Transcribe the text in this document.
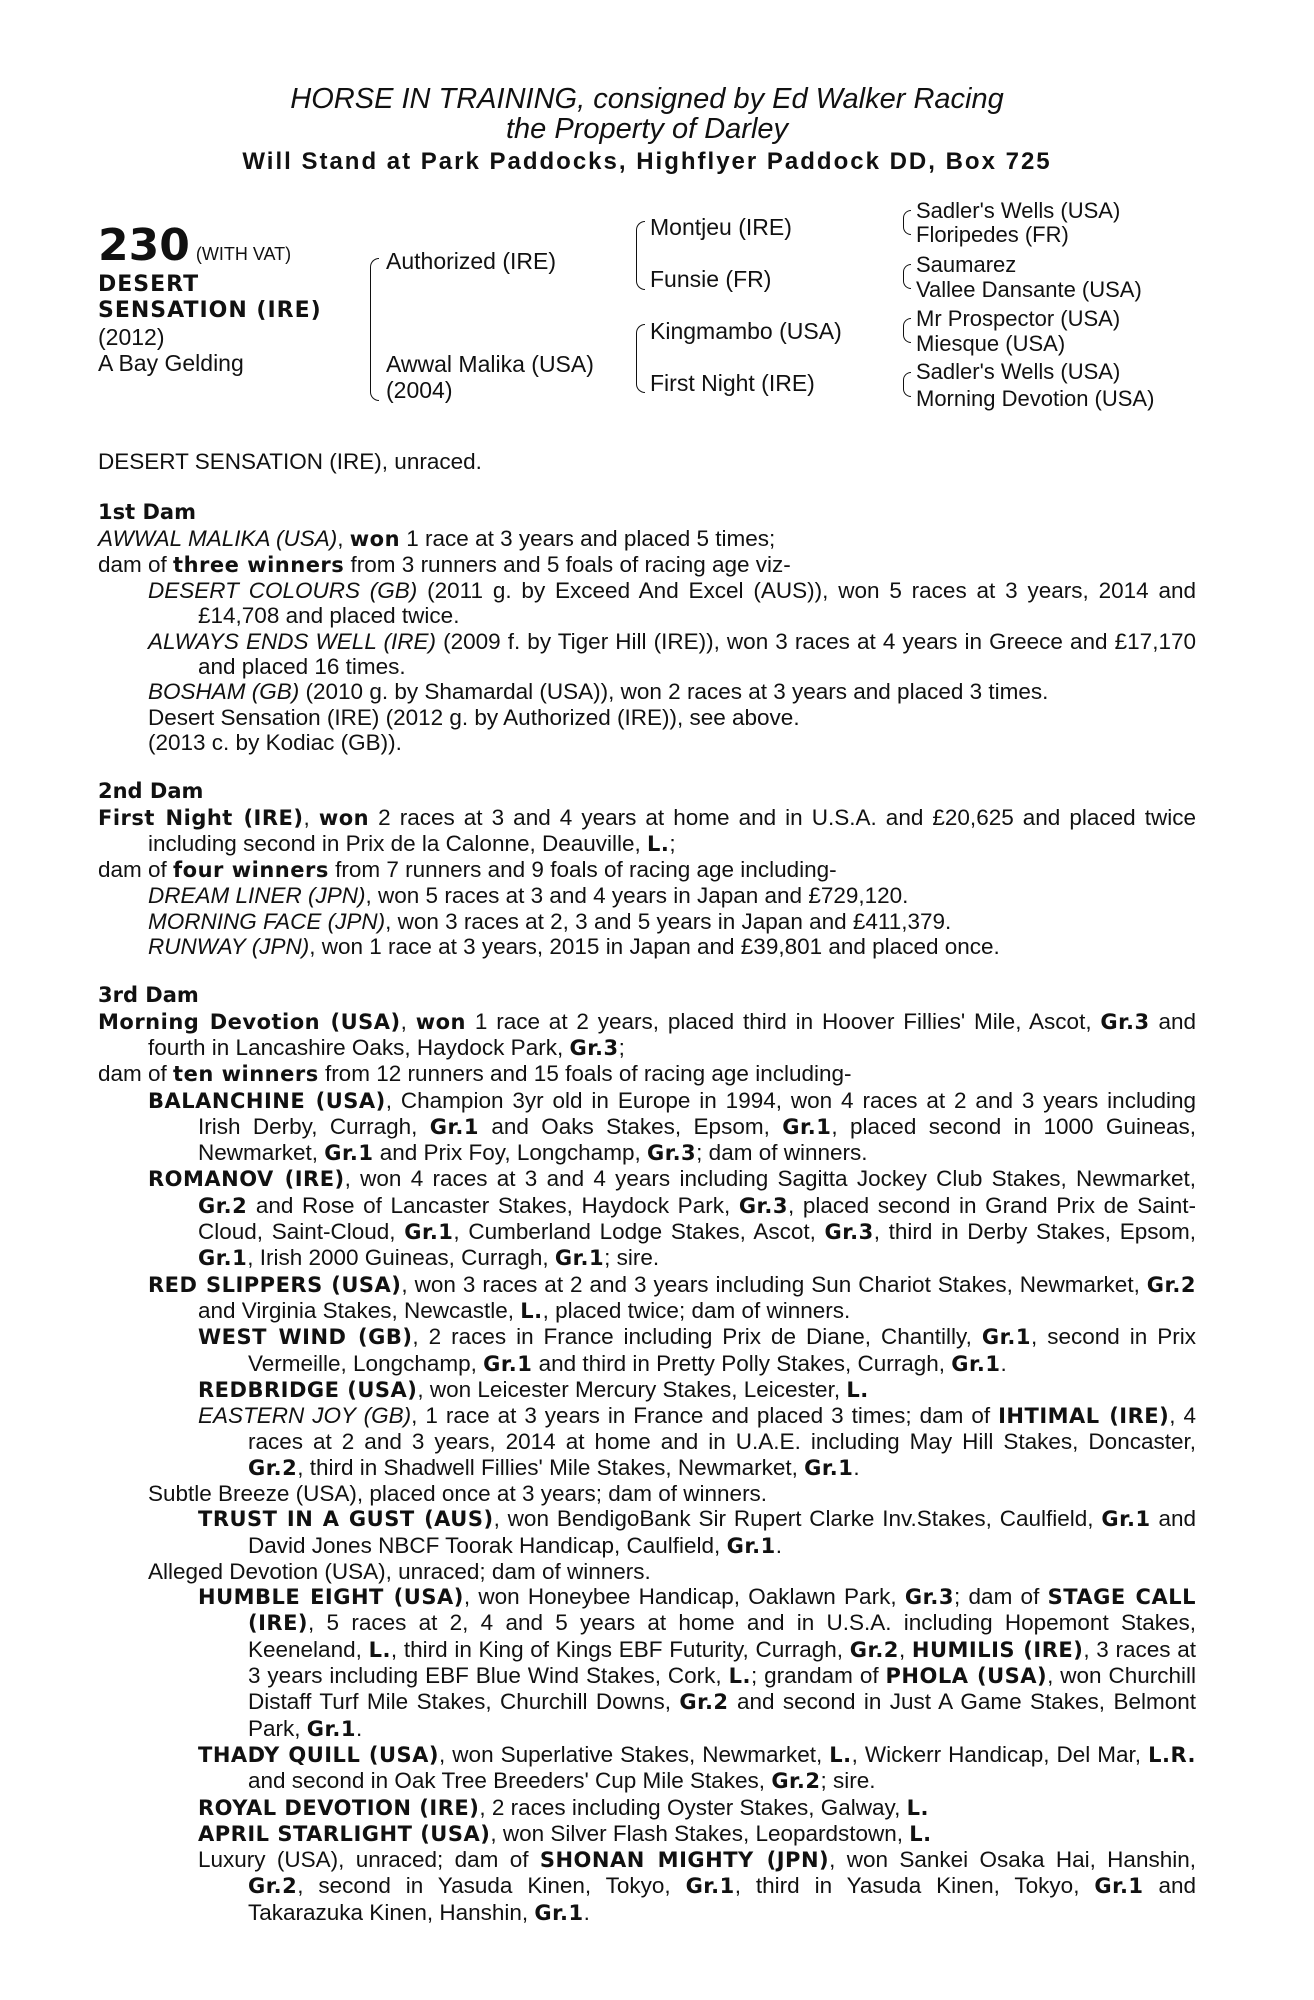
HORSE IN TRAINING, consigned by Ed Walker Racing
the Property of Darley
Will Stand at Park Paddocks, Highflyer Paddock DD, Box 725
230 (WITH VAT)
DESERT
SENSATION (IRE)
(2012)
A Bay Gelding
Authorized (IRE)
Awwal Malika (USA)
(2004)
Montjeu (IRE)
Funsie (FR)
Kingmambo (USA)
First Night (IRE)
Sadler's Wells (USA)
Floripedes (FR)
Saumarez
Vallee Dansante (USA)
Mr Prospector (USA)
Miesque (USA)
Sadler's Wells (USA)
Morning Devotion (USA)
DESERT SENSATION (IRE), unraced.
1st Dam
AWWAL MALIKA (USA), won 1 race at 3 years and placed 5 times;
dam of three winners from 3 runners and 5 foals of racing age viz-
DESERT COLOURS (GB) (2011 g. by Exceed And Excel (AUS)), won 5 races at 3 years, 2014 and £14,708 and placed twice.
ALWAYS ENDS WELL (IRE) (2009 f. by Tiger Hill (IRE)), won 3 races at 4 years in Greece and £17,170 and placed 16 times.
BOSHAM (GB) (2010 g. by Shamardal (USA)), won 2 races at 3 years and placed 3 times.
Desert Sensation (IRE) (2012 g. by Authorized (IRE)), see above.
(2013 c. by Kodiac (GB)).
2nd Dam
First Night (IRE), won 2 races at 3 and 4 years at home and in U.S.A. and £20,625 and placed twice including second in Prix de la Calonne, Deauville, L.;
dam of four winners from 7 runners and 9 foals of racing age including-
DREAM LINER (JPN), won 5 races at 3 and 4 years in Japan and £729,120.
MORNING FACE (JPN), won 3 races at 2, 3 and 5 years in Japan and £411,379.
RUNWAY (JPN), won 1 race at 3 years, 2015 in Japan and £39,801 and placed once.
3rd Dam
Morning Devotion (USA), won 1 race at 2 years, placed third in Hoover Fillies' Mile, Ascot, Gr.3 and fourth in Lancashire Oaks, Haydock Park, Gr.3;
dam of ten winners from 12 runners and 15 foals of racing age including-
BALANCHINE (USA), Champion 3yr old in Europe in 1994, won 4 races at 2 and 3 years including Irish Derby, Curragh, Gr.1 and Oaks Stakes, Epsom, Gr.1, placed second in 1000 Guineas, Newmarket, Gr.1 and Prix Foy, Longchamp, Gr.3; dam of winners.
ROMANOV (IRE), won 4 races at 3 and 4 years including Sagitta Jockey Club Stakes, Newmarket, Gr.2 and Rose of Lancaster Stakes, Haydock Park, Gr.3, placed second in Grand Prix de Saint-Cloud, Saint-Cloud, Gr.1, Cumberland Lodge Stakes, Ascot, Gr.3, third in Derby Stakes, Epsom, Gr.1, Irish 2000 Guineas, Curragh, Gr.1; sire.
RED SLIPPERS (USA), won 3 races at 2 and 3 years including Sun Chariot Stakes, Newmarket, Gr.2 and Virginia Stakes, Newcastle, L., placed twice; dam of winners.
WEST WIND (GB), 2 races in France including Prix de Diane, Chantilly, Gr.1, second in Prix Vermeille, Longchamp, Gr.1 and third in Pretty Polly Stakes, Curragh, Gr.1.
REDBRIDGE (USA), won Leicester Mercury Stakes, Leicester, L.
EASTERN JOY (GB), 1 race at 3 years in France and placed 3 times; dam of IHTIMAL (IRE), 4 races at 2 and 3 years, 2014 at home and in U.A.E. including May Hill Stakes, Doncaster, Gr.2, third in Shadwell Fillies' Mile Stakes, Newmarket, Gr.1.
Subtle Breeze (USA), placed once at 3 years; dam of winners.
TRUST IN A GUST (AUS), won BendigoBank Sir Rupert Clarke Inv.Stakes, Caulfield, Gr.1 and David Jones NBCF Toorak Handicap, Caulfield, Gr.1.
Alleged Devotion (USA), unraced; dam of winners.
HUMBLE EIGHT (USA), won Honeybee Handicap, Oaklawn Park, Gr.3; dam of STAGE CALL (IRE), 5 races at 2, 4 and 5 years at home and in U.S.A. including Hopemont Stakes, Keeneland, L., third in King of Kings EBF Futurity, Curragh, Gr.2, HUMILIS (IRE), 3 races at 3 years including EBF Blue Wind Stakes, Cork, L.; grandam of PHOLA (USA), won Churchill Distaff Turf Mile Stakes, Churchill Downs, Gr.2 and second in Just A Game Stakes, Belmont Park, Gr.1.
THADY QUILL (USA), won Superlative Stakes, Newmarket, L., Wickerr Handicap, Del Mar, L.R. and second in Oak Tree Breeders' Cup Mile Stakes, Gr.2; sire.
ROYAL DEVOTION (IRE), 2 races including Oyster Stakes, Galway, L.
APRIL STARLIGHT (USA), won Silver Flash Stakes, Leopardstown, L.
Luxury (USA), unraced; dam of SHONAN MIGHTY (JPN), won Sankei Osaka Hai, Hanshin, Gr.2, second in Yasuda Kinen, Tokyo, Gr.1, third in Yasuda Kinen, Tokyo, Gr.1 and Takarazuka Kinen, Hanshin, Gr.1.
